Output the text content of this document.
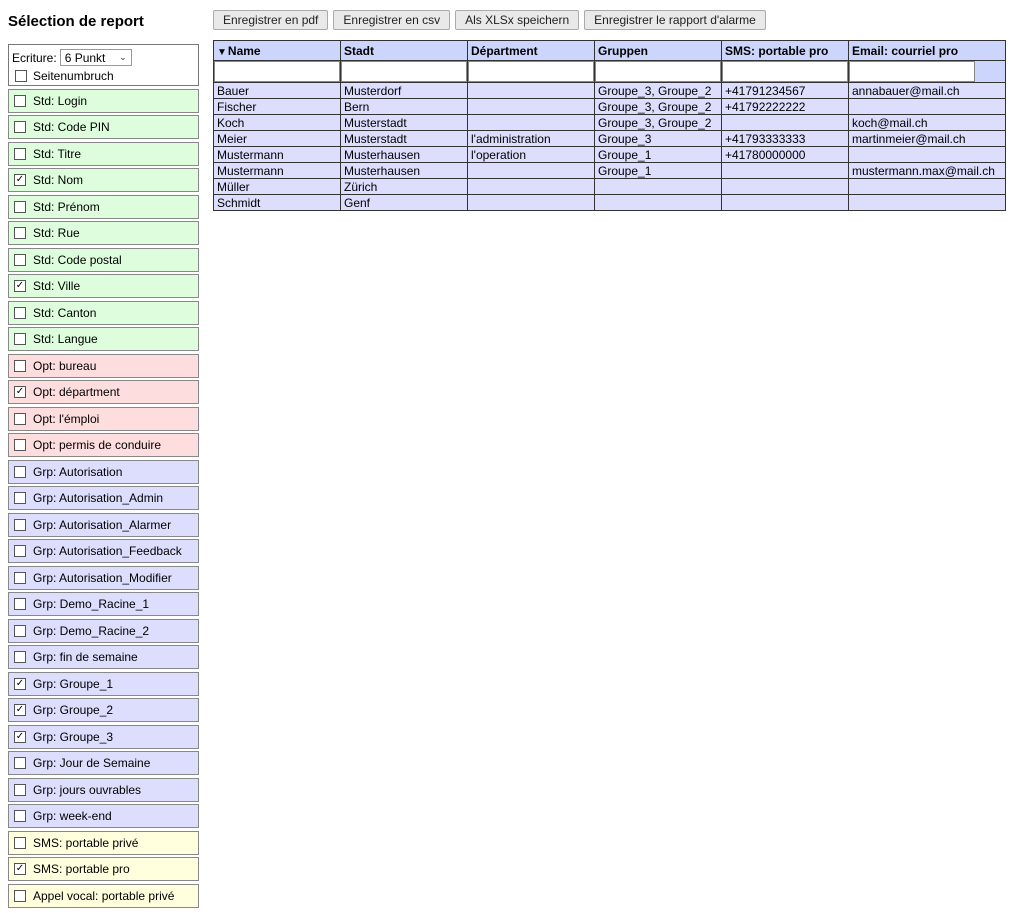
Sélection de report
Ecriture: 6 Punkt ⌄
Seitenumbruch
Std: Login
Std: Code PIN
Std: Titre
✓ Std: Nom
Std: Prénom
Std: Rue
Std: Code postal
✓ Std: Ville
Std: Canton
Std: Langue
Opt: bureau
✓ Opt: départment
Opt: l'émploi
Opt: permis de conduire
Grp: Autorisation
Grp: Autorisation_Admin
Grp: Autorisation_Alarmer
Grp: Autorisation_Feedback
Grp: Autorisation_Modifier
Grp: Demo_Racine_1
Grp: Demo_Racine_2
Grp: fin de semaine
✓ Grp: Groupe_1
✓ Grp: Groupe_2
✓ Grp: Groupe_3
Grp: Jour de Semaine
Grp: jours ouvrables
Grp: week-end
SMS: portable privé
✓ SMS: portable pro
Appel vocal: portable privé
Enregistrer en pdf	Enregistrer en csv	Als XLSx speichern	Enregistrer le rapport d'alarme
▼Name	Stadt	Départment	Gruppen	SMS: portable pro	Email: courriel pro

Bauer	Musterdorf		Groupe_3, Groupe_2	+41791234567	annabauer@mail.ch
Fischer	Bern		Groupe_3, Groupe_2	+41792222222	
Koch	Musterstadt		Groupe_3, Groupe_2		koch@mail.ch
Meier	Musterstadt	l'administration	Groupe_3	+41793333333	martinmeier@mail.ch
Mustermann	Musterhausen	l'operation	Groupe_1	+41780000000	
Mustermann	Musterhausen		Groupe_1		mustermann.max@mail.ch
Müller	Zürich				
Schmidt	Genf				
